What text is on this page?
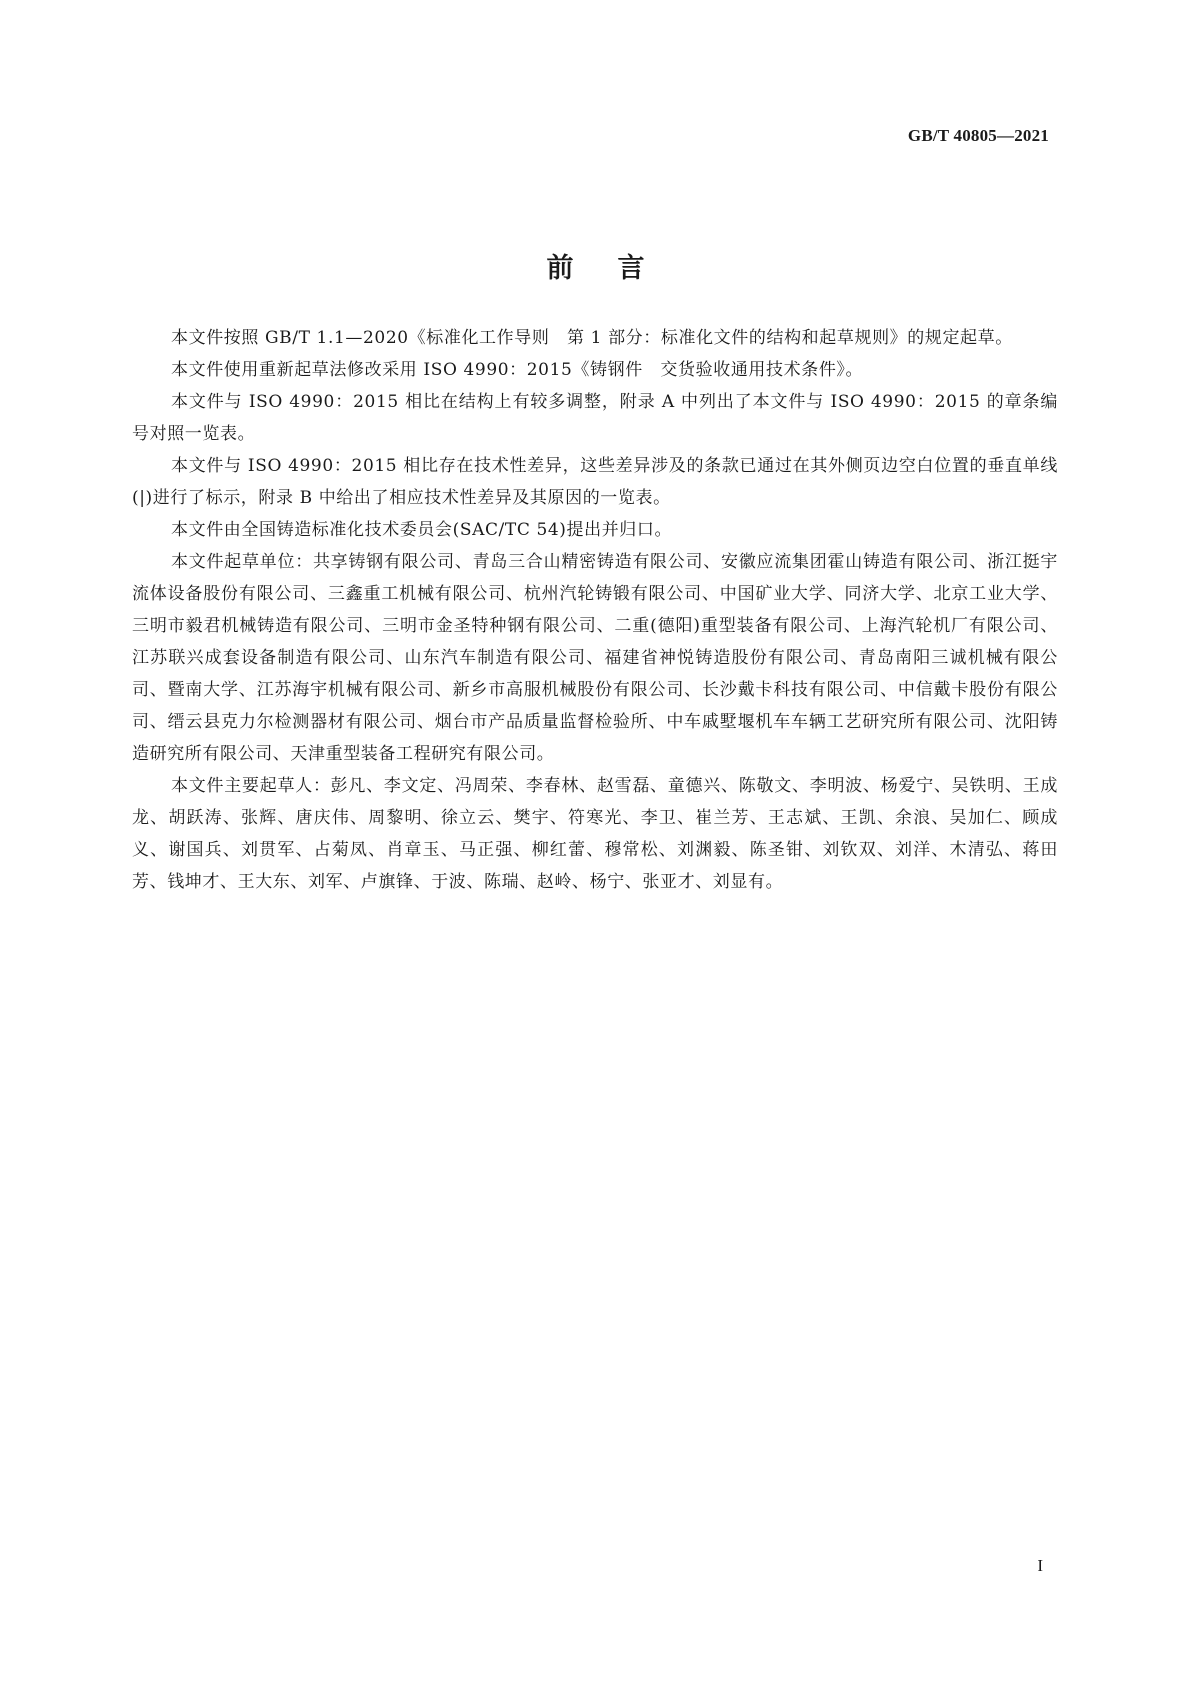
GB/T 40805—2021
前言

本文件按照 GB/T 1.1—2020《标准化工作导则　第 1 部分：标准化文件的结构和起草规则》的规定起草。

本文件使用重新起草法修改采用 ISO 4990：2015《铸钢件　交货验收通用技术条件》。

本文件与 ISO 4990：2015 相比在结构上有较多调整，附录 A 中列出了本文件与 ISO 4990：2015 的章条编号对照一览表。

本文件与 ISO 4990：2015 相比存在技术性差异，这些差异涉及的条款已通过在其外侧页边空白位置的垂直单线(|)进行了标示，附录 B 中给出了相应技术性差异及其原因的一览表。

本文件由全国铸造标准化技术委员会(SAC/TC 54)提出并归口。

本文件起草单位：共享铸钢有限公司、青岛三合山精密铸造有限公司、安徽应流集团霍山铸造有限公司、浙江挺宇流体设备股份有限公司、三鑫重工机械有限公司、杭州汽轮铸锻有限公司、中国矿业大学、同济大学、北京工业大学、三明市毅君机械铸造有限公司、三明市金圣特种钢有限公司、二重(德阳)重型装备有限公司、上海汽轮机厂有限公司、江苏联兴成套设备制造有限公司、山东汽车制造有限公司、福建省神悦铸造股份有限公司、青岛南阳三诚机械有限公司、暨南大学、江苏海宇机械有限公司、新乡市高服机械股份有限公司、长沙戴卡科技有限公司、中信戴卡股份有限公司、缙云县克力尔检测器材有限公司、烟台市产品质量监督检验所、中车戚墅堰机车车辆工艺研究所有限公司、沈阳铸造研究所有限公司、天津重型装备工程研究有限公司。

本文件主要起草人：彭凡、李文定、冯周荣、李春林、赵雪磊、童德兴、陈敬文、李明波、杨爱宁、吴铁明、王成龙、胡跃涛、张辉、唐庆伟、周黎明、徐立云、樊宇、符寒光、李卫、崔兰芳、王志斌、王凯、余浪、吴加仁、顾成义、谢国兵、刘贯军、占菊凤、肖章玉、马正强、柳红蕾、穆常松、刘渊毅、陈圣钳、刘钦双、刘洋、木清弘、蒋田芳、钱坤才、王大东、刘军、卢旗锋、于波、陈瑞、赵岭、杨宁、张亚才、刘显有。

I
